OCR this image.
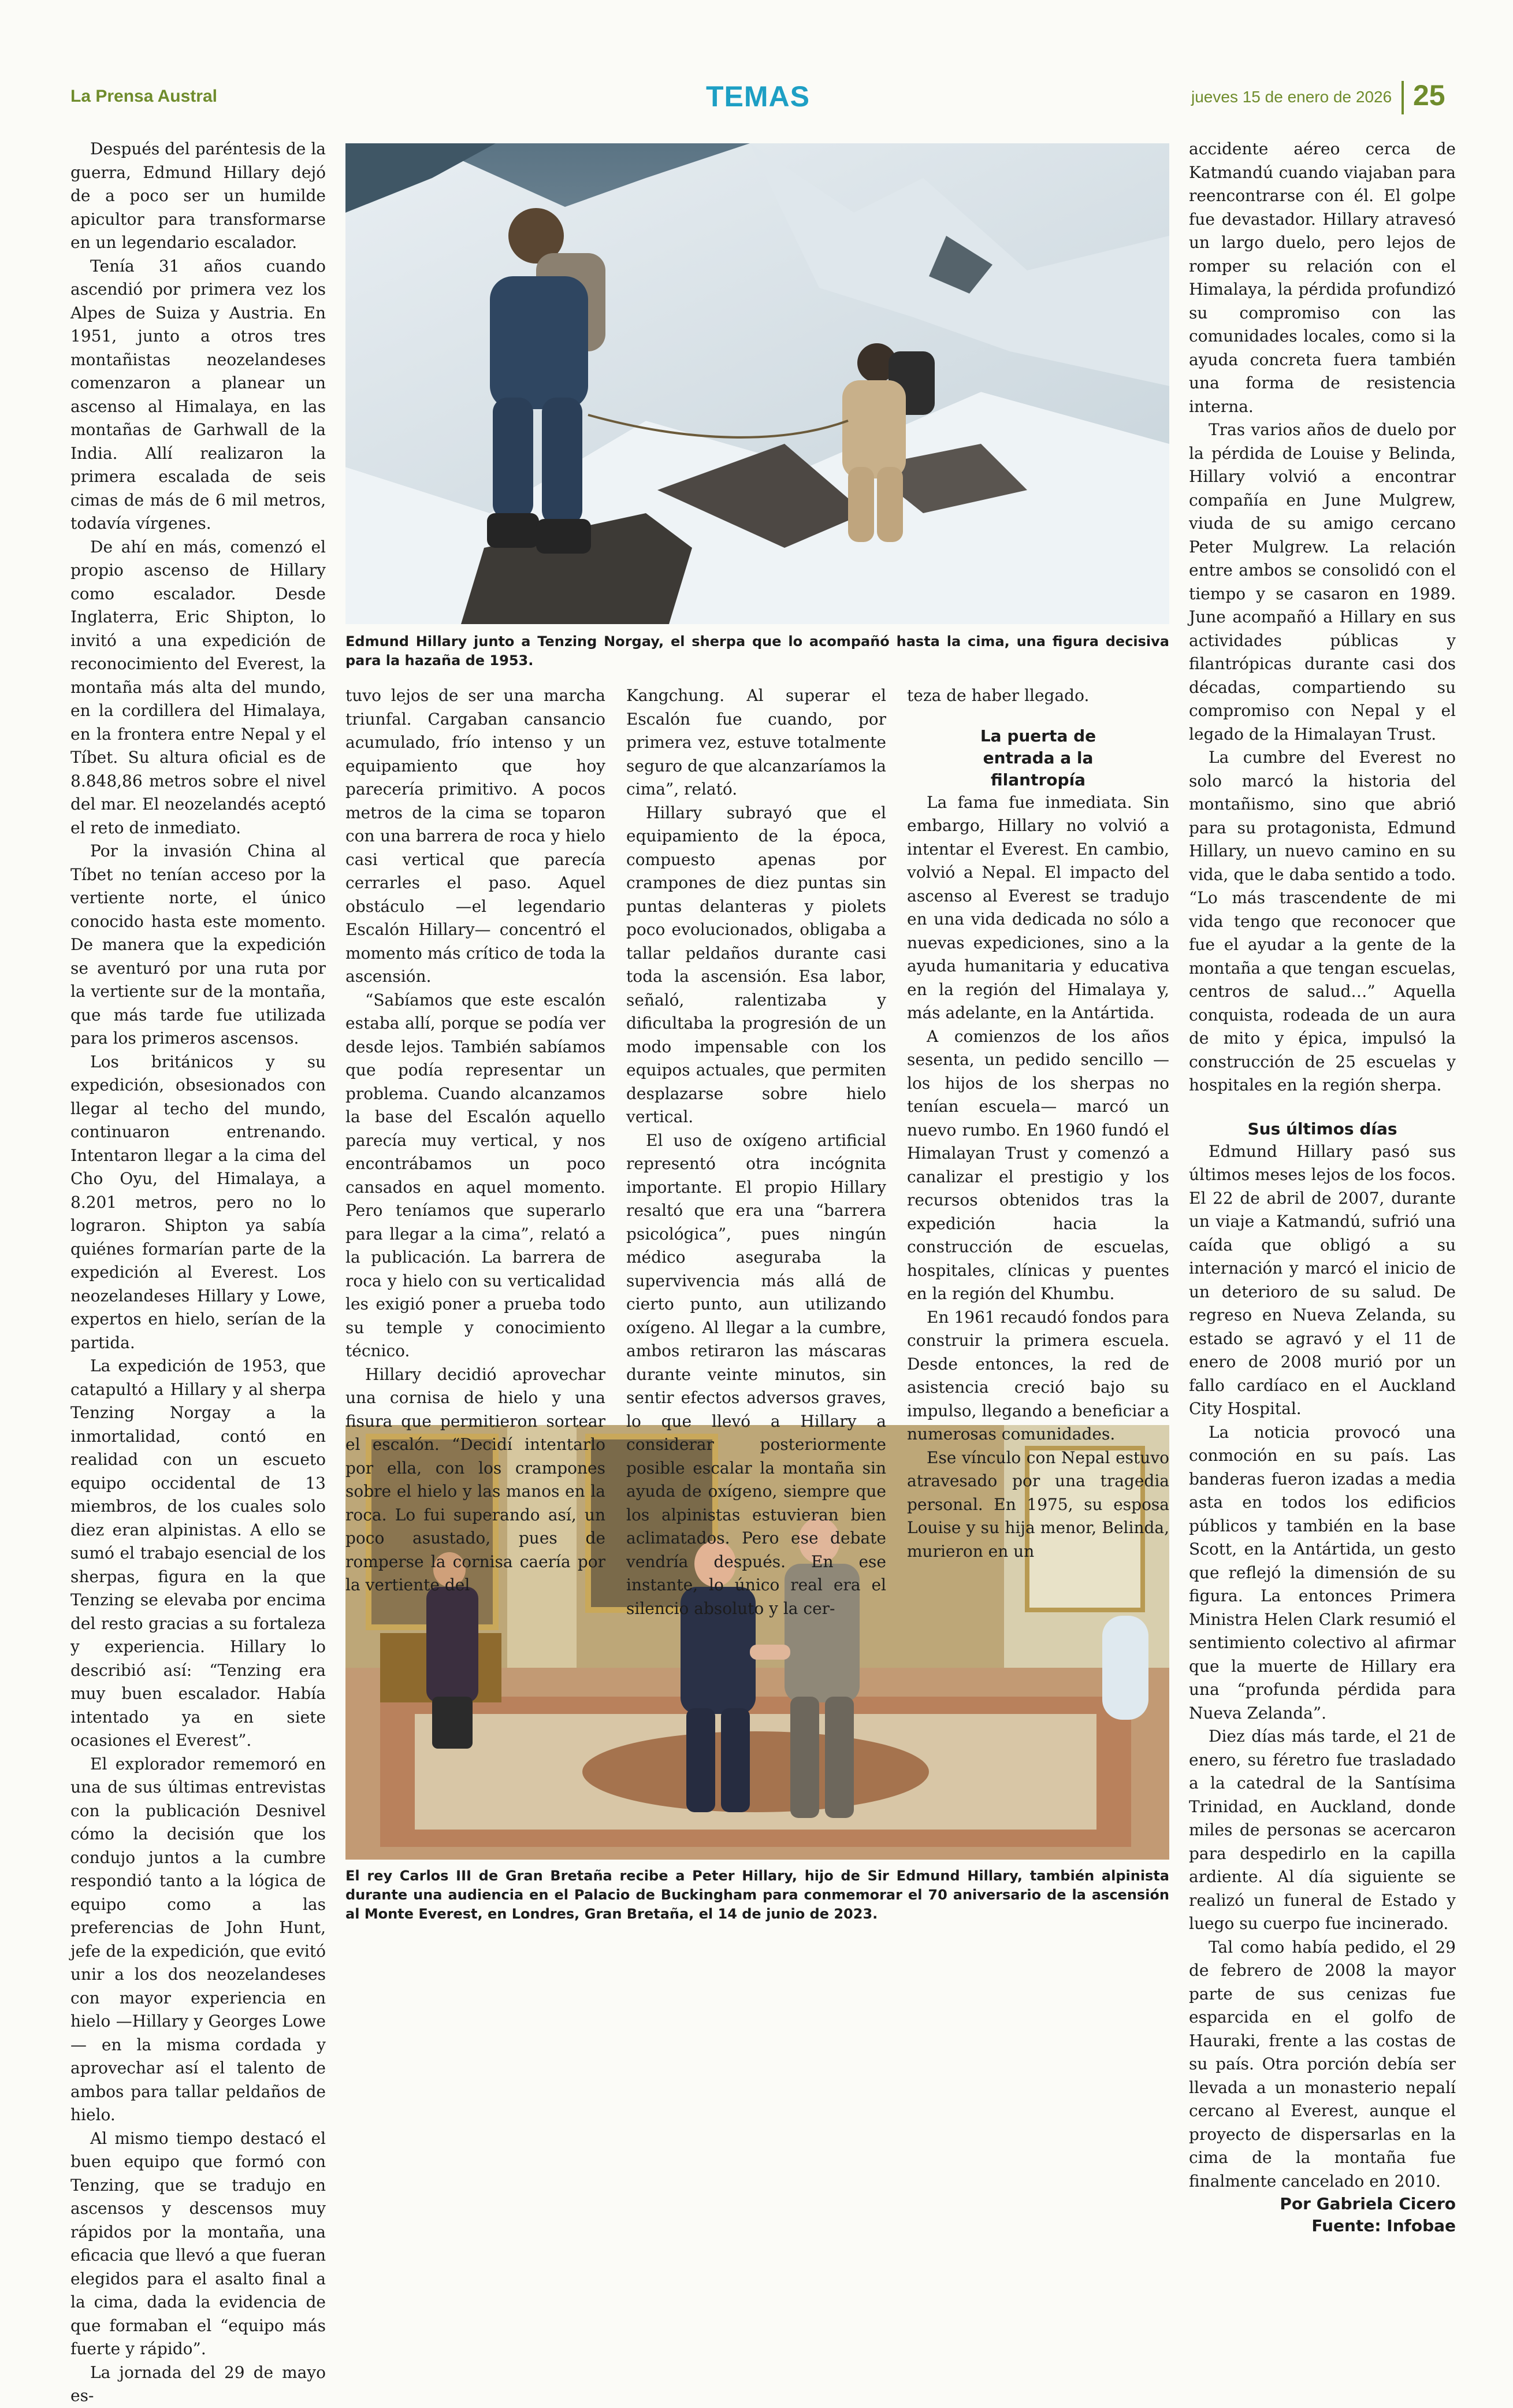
La Prensa Austral	TEMAS	jueves 15 de enero de 2026 25
Edmund Hillary junto a Tenzing Norgay, el sherpa que lo acompañó hasta la cima, una figura decisiva para la hazaña de 1953.
El rey Carlos III de Gran Bretaña recibe a Peter Hillary, hijo de Sir Edmund Hillary, también alpinista durante una audiencia en el Palacio de Buckingham para conmemorar el 70 aniversario de la ascensión al Monte Everest, en Londres, Gran Bretaña, el 14 de junio de 2023.

Después del paréntesis de la guerra, Edmund Hillary dejó de a poco ser un humilde apicultor para transformarse en un legendario escalador.

Tenía 31 años cuando ascendió por primera vez los Alpes de Suiza y Austria. En 1951, junto a otros tres montañistas neozelandeses comenzaron a planear un ascenso al Himalaya, en las montañas de Garhwall de la India. Allí realizaron la primera escalada de seis cimas de más de 6 mil metros, todavía vírgenes.

De ahí en más, comenzó el propio ascenso de Hillary como escalador. Desde Inglaterra, Eric Shipton, lo invitó a una expedición de reconocimiento del Everest, la montaña más alta del mundo, en la cordillera del Himalaya, en la frontera entre Nepal y el Tíbet. Su altura oficial es de 8.848,86 metros sobre el nivel del mar. El neozelandés aceptó el reto de inmediato.

Por la invasión China al Tíbet no tenían acceso por la vertiente norte, el único conocido hasta este momento. De manera que la expedición se aventuró por una ruta por la vertiente sur de la montaña, que más tarde fue utilizada para los primeros ascensos.

Los británicos y su expedición, obsesionados con llegar al techo del mundo, continuaron entrenando. Intentaron llegar a la cima del Cho Oyu, del Himalaya, a 8.201 metros, pero no lo lograron. Shipton ya sabía quiénes formarían parte de la expedición al Everest. Los neozelandeses Hillary y Lowe, expertos en hielo, serían de la partida.

La expedición de 1953, que catapultó a Hillary y al sherpa Tenzing Norgay a la inmortalidad, contó en realidad con un escueto equipo occidental de 13 miembros, de los cuales solo diez eran alpinistas. A ello se sumó el trabajo esencial de los sherpas, figura en la que Tenzing se elevaba por encima del resto gracias a su fortaleza y experiencia. Hillary lo describió así: “Tenzing era muy buen escalador. Había intentado ya en siete ocasiones el Everest”.

El explorador rememoró en una de sus últimas entrevistas con la publicación Desnivel cómo la decisión que los condujo juntos a la cumbre respondió tanto a la lógica de equipo como a las preferencias de John Hunt, jefe de la expedición, que evitó unir a los dos neozelandeses con mayor experiencia en hielo —Hillary y Georges Lowe— en la misma cordada y aprovechar así el talento de ambos para tallar peldaños de hielo.

Al mismo tiempo destacó el buen equipo que formó con Tenzing, que se tradujo en ascensos y descensos muy rápidos por la montaña, una eficacia que llevó a que fueran elegidos para el asalto final a la cima, dada la evidencia de que formaban el “equipo más fuerte y rápido”.

La jornada del 29 de mayo es-

tuvo lejos de ser una marcha triunfal. Cargaban cansancio acumulado, frío intenso y un equipamiento que hoy parecería primitivo. A pocos metros de la cima se toparon con una barrera de roca y hielo casi vertical que parecía cerrarles el paso. Aquel obstáculo —el legendario Escalón Hillary— concentró el momento más crítico de toda la ascensión.

“Sabíamos que este escalón estaba allí, porque se podía ver desde lejos. También sabíamos que podía representar un problema. Cuando alcanzamos la base del Escalón aquello parecía muy vertical, y nos encontrábamos un poco cansados en aquel momento. Pero teníamos que superarlo para llegar a la cima”, relató a la publicación. La barrera de roca y hielo con su verticalidad les exigió poner a prueba todo su temple y conocimiento técnico.

Hillary decidió aprovechar una cornisa de hielo y una fisura que permitieron sortear el escalón. “Decidí intentarlo por ella, con los crampones sobre el hielo y las manos en la roca. Lo fui superando así, un poco asustado, pues de romperse la cornisa caería por la vertiente del

Kangchung. Al superar el Escalón fue cuando, por primera vez, estuve totalmente seguro de que alcanzaríamos la cima”, relató.

Hillary subrayó que el equipamiento de la época, compuesto apenas por crampones de diez puntas sin puntas delanteras y piolets poco evolucionados, obligaba a tallar peldaños durante casi toda la ascensión. Esa labor, señaló, ralentizaba y dificultaba la progresión de un modo impensable con los equipos actuales, que permiten desplazarse sobre hielo vertical.

El uso de oxígeno artificial representó otra incógnita importante. El propio Hillary resaltó que era una “barrera psicológica”, pues ningún médico aseguraba la supervivencia más allá de cierto punto, aun utilizando oxígeno. Al llegar a la cumbre, ambos retiraron las máscaras durante veinte minutos, sin sentir efectos adversos graves, lo que llevó a Hillary a considerar posteriormente posible escalar la montaña sin ayuda de oxígeno, siempre que los alpinistas estuvieran bien aclimatados. Pero ese debate vendría después. En ese instante, lo único real era el silencio absoluto y la cer-

teza de haber llegado.

La puerta de entrada a la filantropía

La fama fue inmediata. Sin embargo, Hillary no volvió a intentar el Everest. En cambio, volvió a Nepal. El impacto del ascenso al Everest se tradujo en una vida dedicada no sólo a nuevas expediciones, sino a la ayuda humanitaria y educativa en la región del Himalaya y, más adelante, en la Antártida.

A comienzos de los años sesenta, un pedido sencillo —los hijos de los sherpas no tenían escuela— marcó un nuevo rumbo. En 1960 fundó el Himalayan Trust y comenzó a canalizar el prestigio y los recursos obtenidos tras la expedición hacia la construcción de escuelas, hospitales, clínicas y puentes en la región del Khumbu.

En 1961 recaudó fondos para construir la primera escuela. Desde entonces, la red de asistencia creció bajo su impulso, llegando a beneficiar a numerosas comunidades.

Ese vínculo con Nepal estuvo atravesado por una tragedia personal. En 1975, su esposa Louise y su hija menor, Belinda, murieron en un

accidente aéreo cerca de Katmandú cuando viajaban para reencontrarse con él. El golpe fue devastador. Hillary atravesó un largo duelo, pero lejos de romper su relación con el Himalaya, la pérdida profundizó su compromiso con las comunidades locales, como si la ayuda concreta fuera también una forma de resistencia interna.

Tras varios años de duelo por la pérdida de Louise y Belinda, Hillary volvió a encontrar compañía en June Mulgrew, viuda de su amigo cercano Peter Mulgrew. La relación entre ambos se consolidó con el tiempo y se casaron en 1989. June acompañó a Hillary en sus actividades públicas y filantrópicas durante casi dos décadas, compartiendo su compromiso con Nepal y el legado de la Himalayan Trust.

La cumbre del Everest no solo marcó la historia del montañismo, sino que abrió para su protagonista, Edmund Hillary, un nuevo camino en su vida, que le daba sentido a todo. “Lo más trascendente de mi vida tengo que reconocer que fue el ayudar a la gente de la montaña a que tengan escuelas, centros de salud…” Aquella conquista, rodeada de un aura de mito y épica, impulsó la construcción de 25 escuelas y hospitales en la región sherpa.

Sus últimos días

Edmund Hillary pasó sus últimos meses lejos de los focos. El 22 de abril de 2007, durante un viaje a Katmandú, sufrió una caída que obligó a su internación y marcó el inicio de un deterioro de su salud. De regreso en Nueva Zelanda, su estado se agravó y el 11 de enero de 2008 murió por un fallo cardíaco en el Auckland City Hospital.

La noticia provocó una conmoción en su país. Las banderas fueron izadas a media asta en todos los edificios públicos y también en la base Scott, en la Antártida, un gesto que reflejó la dimensión de su figura. La entonces Primera Ministra Helen Clark resumió el sentimiento colectivo al afirmar que la muerte de Hillary era una “profunda pérdida para Nueva Zelanda”.

Diez días más tarde, el 21 de enero, su féretro fue trasladado a la catedral de la Santísima Trinidad, en Auckland, donde miles de personas se acercaron para despedirlo en la capilla ardiente. Al día siguiente se realizó un funeral de Estado y luego su cuerpo fue incinerado.

Tal como había pedido, el 29 de febrero de 2008 la mayor parte de sus cenizas fue esparcida en el golfo de Hauraki, frente a las costas de su país. Otra porción debía ser llevada a un monasterio nepalí cercano al Everest, aunque el proyecto de dispersarlas en la cima de la montaña fue finalmente cancelado en 2010.

Por Gabriela Cicero
Fuente: Infobae
